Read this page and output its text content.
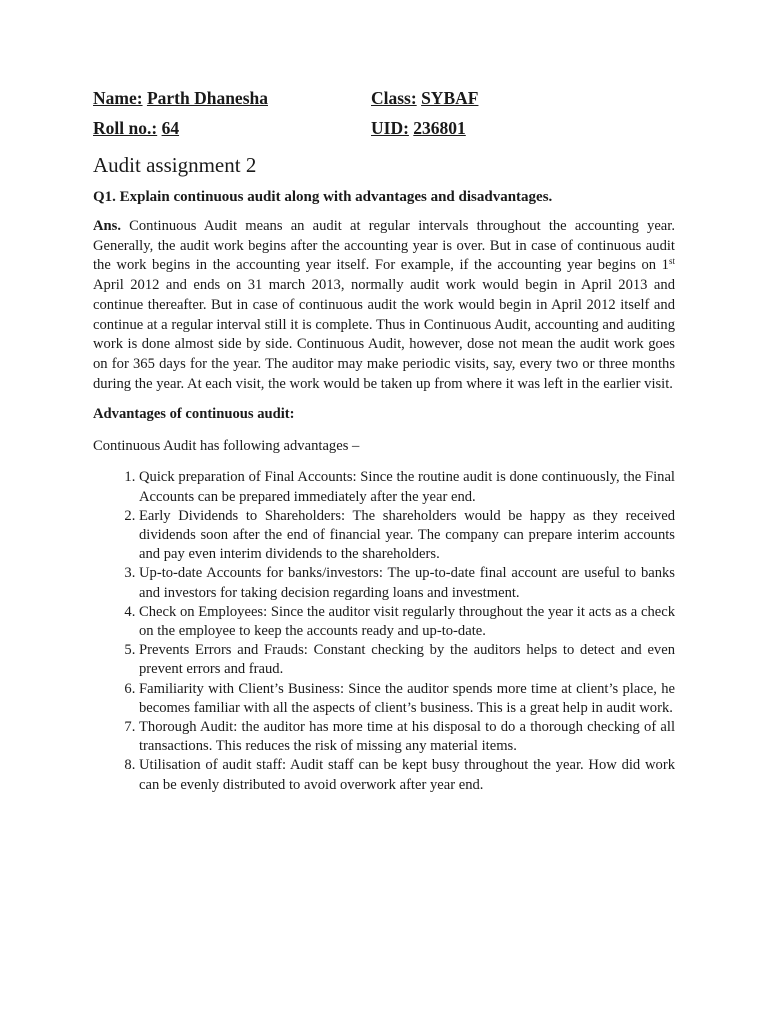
Name: Parth Dhanesha	Class: SYBAF
Roll no.: 64	UID: 236801
Audit assignment 2

Q1. Explain continuous audit along with advantages and disadvantages.

Ans. Continuous Audit means an audit at regular intervals throughout the accounting year. Generally, the audit work begins after the accounting year is over. But in case of continuous audit the work begins in the accounting year itself. For example, if the accounting year begins on 1st April 2012 and ends on 31 march 2013, normally audit work would begin in April 2013 and continue thereafter. But in case of continuous audit the work would begin in April 2012 itself and continue at a regular interval still it is complete. Thus in Continuous Audit, accounting and auditing work is done almost side by side. Continuous Audit, however, dose not mean the audit work goes on for 365 days for the year. The auditor may make periodic visits, say, every two or three months during the year. At each visit, the work would be taken up from where it was left in the earlier visit.

Advantages of continuous audit:

Continuous Audit has following advantages –

1. Quick preparation of Final Accounts: Since the routine audit is done continuously, the Final Accounts can be prepared immediately after the year end.
2. Early Dividends to Shareholders: The shareholders would be happy as they received dividends soon after the end of financial year. The company can prepare interim accounts and pay even interim dividends to the shareholders.
3. Up-to-date Accounts for banks/investors: The up-to-date final account are useful to banks and investors for taking decision regarding loans and investment.
4. Check on Employees: Since the auditor visit regularly throughout the year it acts as a check on the employee to keep the accounts ready and up-to-date.
5. Prevents Errors and Frauds: Constant checking by the auditors helps to detect and even prevent errors and fraud.
6. Familiarity with Client’s Business: Since the auditor spends more time at client’s place, he becomes familiar with all the aspects of client’s business. This is a great help in audit work.
7. Thorough Audit: the auditor has more time at his disposal to do a thorough checking of all transactions. This reduces the risk of missing any material items.
8. Utilisation of audit staff: Audit staff can be kept busy throughout the year. How did work can be evenly distributed to avoid overwork after year end.
